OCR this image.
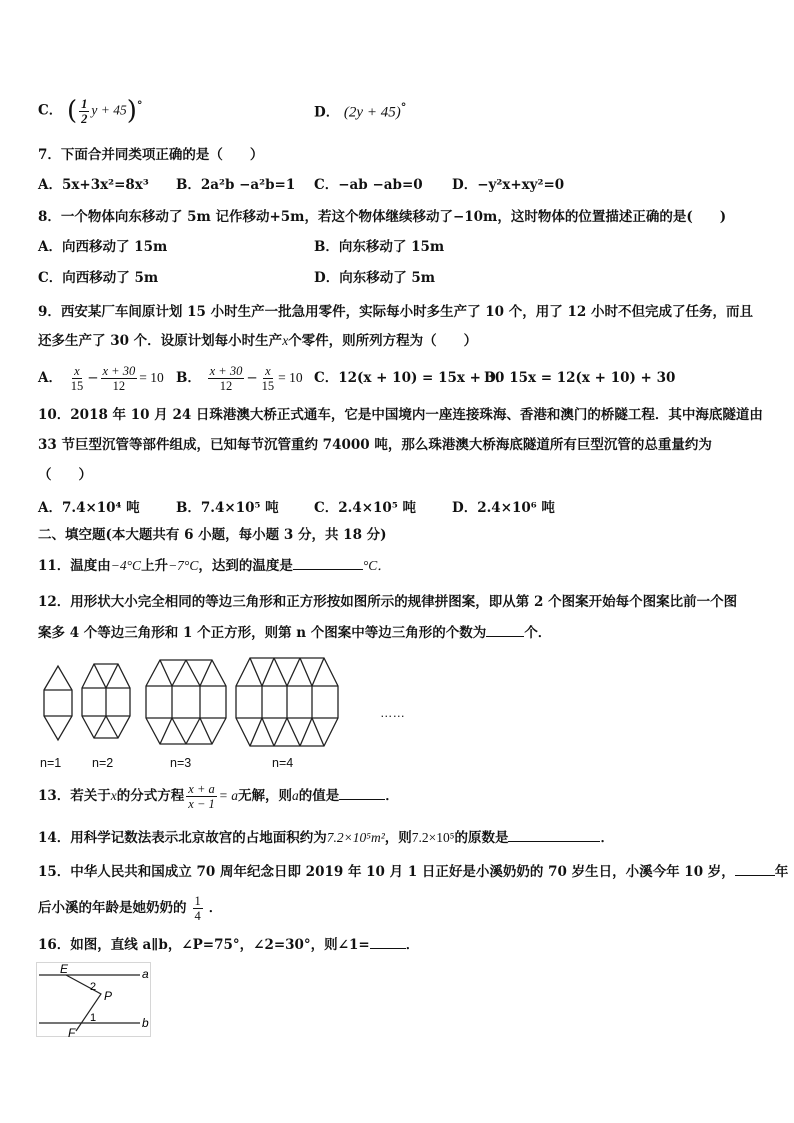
C． ( $\frac{1}{2}$ y + 45)°	D． (2y + 45)°
7．下面合并同类项正确的是（　　）
A．5x+3x²=8x³ B．2a²b −a²b=1 C．−ab −ab=0 D．−y²x+xy²=0
8．一个物体向东移动了 5m 记作移动+5m，若这个物体继续移动了−10m，这时物体的位置描述正确的是(　　)
A．向西移动了 15m	B．向东移动了 15m
C．向西移动了 5m	D．向东移动了 5m
9．西安某厂车间原计划 15 小时生产一批急用零件，实际每小时多生产了 10 个，用了 12 小时不但完成了任务，而且
还多生产了 30 个．设原计划每小时生产x个零件，则所列方程为（　　）
A． $\frac{x}{15} - \frac{x + 30}{12} = 10$ B． $\frac{x + 30}{12} - \frac{x}{15} = 10$ C．12(x + 10) = 15x + 30
D．15x = 12(x + 10) + 30
10．2018 年 10 月 24 日珠港澳大桥正式通车，它是中国境内一座连接珠海、香港和澳门的桥隧工程．其中海底隧道由
33 节巨型沉管等部件组成，已知每节沉管重约 74000 吨，那么珠港澳大桥海底隧道所有巨型沉管的总重量约为
（　　）
A．7.4×10⁴ 吨	B．7.4×10⁵ 吨	C．2.4×10⁵ 吨	D．2.4×10⁶ 吨
二、填空题(本大题共有 6 小题，每小题 3 分，共 18 分)
11．温度由−4°C上升−7°C，达到的温度是	°C．
12．用形状大小完全相同的等边三角形和正方形按如图所示的规律拼图案，即从第 2 个图案开始每个图案比前一个图
案多 4 个等边三角形和 1 个正方形，则第 n 个图案中等边三角形的个数为	个．
……
n=1 n=2	n=3	n=4
13．若关于x的分式方程 $\frac{x + a}{x - 1} = a$无解，则a的值是	．
14．用科学记数法表示北京故宫的占地面积约为7.2×10⁵m²，则7.2×10⁵的原数是	．
15．中华人民共和国成立 70 周年纪念日即 2019 年 10 月 1 日正好是小溪奶奶的 70 岁生日，小溪今年 10 岁，	年
后小溪的年龄是她奶奶的 $\frac{1}{4}$ ．
16．如图，直线 a∥b，∠P=75°，∠2=30°，则∠1=	．
E	a
2
P
1
F
b
